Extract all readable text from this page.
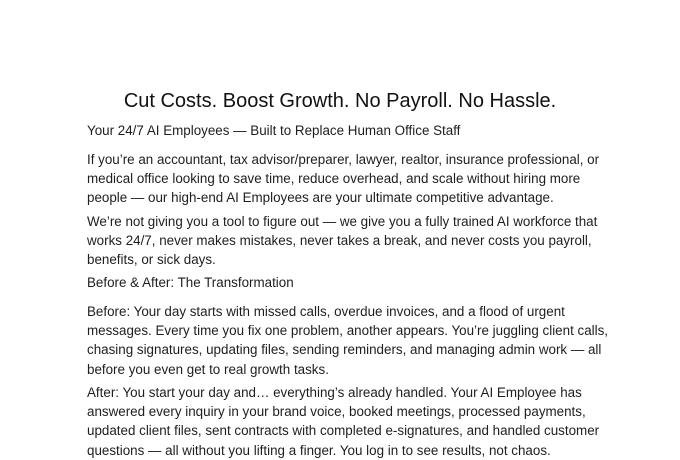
Cut Costs. Boost Growth. No Payroll. No Hassle.

Your 24/7 AI Employees — Built to Replace Human Office Staff

If you’re an accountant, tax advisor/preparer, lawyer, realtor, insurance professional, or medical office looking to save time, reduce overhead, and scale without hiring more people — our high-end AI Employees are your ultimate competitive advantage.

We’re not giving you a tool to figure out — we give you a fully trained AI workforce that works 24/7, never makes mistakes, never takes a break, and never costs you payroll, benefits, or sick days.

Before & After: The Transformation

Before: Your day starts with missed calls, overdue invoices, and a flood of urgent messages. Every time you fix one problem, another appears. You’re juggling client calls, chasing signatures, updating files, sending reminders, and managing admin work — all before you even get to real growth tasks.

After: You start your day and… everything’s already handled. Your AI Employee has answered every inquiry in your brand voice, booked meetings, processed payments, updated client files, sent contracts with completed e-signatures, and handled customer questions — all without you lifting a finger. You log in to see results, not chaos.
